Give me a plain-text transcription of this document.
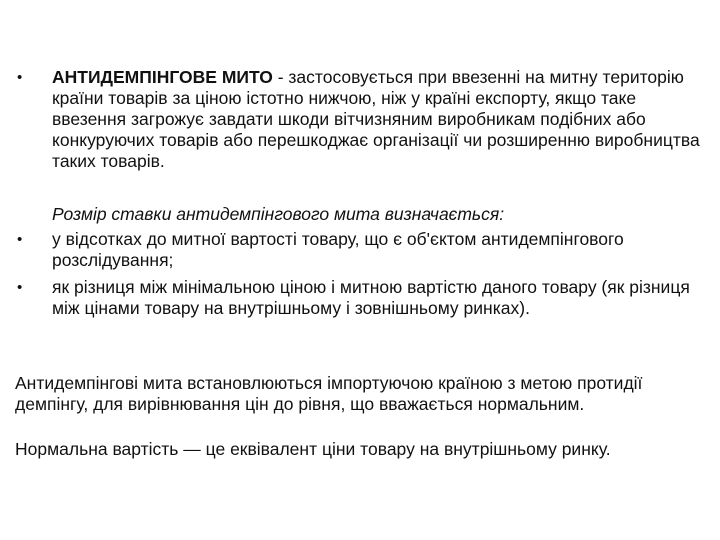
•	АНТИДЕМПІНГОВЕ МИТО - застосовується при ввезенні на митну територію країни товарів за ціною істотно нижчою, ніж у країні експорту, якщо таке ввезення загрожує завдати шкоди вітчизняним виробникам подібних або конкуруючих товарів або перешкоджає організації чи розширенню виробництва таких товарів.
Розмір ставки антидемпінгового мита визначається:
•	у відсотках до митної вартості товару, що є об'єктом антидемпінгового розслідування;
•	як різниця між мінімальною ціною і митною вартістю даного товару (як різниця між цінами товару на внутрішньому і зовнішньому ринках).
Антидемпінгові мита встановлюються імпортуючою країною з метою протидії демпінгу, для вирівнювання цін до рівня, що вважається нормальним.
Нормальна вартість — це еквівалент ціни товару на внутрішньому ринку.
